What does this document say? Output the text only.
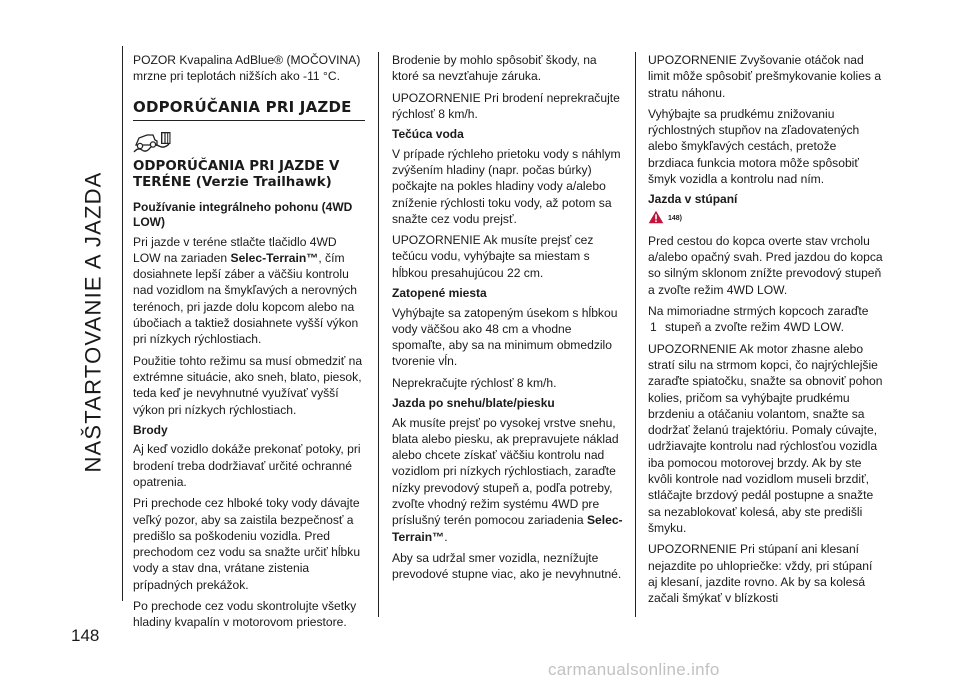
NAŠTARTOVANIE A JAZDA
148

POZOR Kvapalina AdBlue® (MOČOVINA) mrzne pri teplotách nižších ako -11 °C.

ODPORÚČANIA PRI JAZDE
ODPORÚČANIA PRI JAZDE V TERÉNE (Verzie Trailhawk)
Používanie integrálneho pohonu (4WD LOW)

Pri jazde v teréne stlačte tlačidlo 4WD LOW na zariaden Selec-Terrain™, čím dosiahnete lepší záber a väčšiu kontrolu nad vozidlom na šmykľavých a nerovných terénoch, pri jazde dolu kopcom alebo na úbočiach a taktiež dosiahnete vyšší výkon pri nízkych rýchlostiach.

Použitie tohto režimu sa musí obmedziť na extrémne situácie, ako sneh, blato, piesok, teda keď je nevyhnutné využívať vyšší výkon pri nízkych rýchlostiach.

Brody

Aj keď vozidlo dokáže prekonať potoky, pri brodení treba dodržiavať určité ochranné opatrenia.

Pri prechode cez hlboké toky vody dávajte veľký pozor, aby sa zaistila bezpečnosť a predišlo sa poškodeniu vozidla. Pred prechodom cez vodu sa snažte určiť hĺbku vody a stav dna, vrátane zistenia prípadných prekážok.

Po prechode cez vodu skontrolujte všetky hladiny kvapalín v motorovom priestore.

Brodenie by mohlo spôsobiť škody, na ktoré sa nevzťahuje záruka.

UPOZORNENIE Pri brodení neprekračujte rýchlosť 8 km/h.

Tečúca voda

V prípade rýchleho prietoku vody s náhlym zvýšením hladiny (napr. počas búrky) počkajte na pokles hladiny vody a/alebo zníženie rýchlosti toku vody, až potom sa snažte cez vodu prejsť.

UPOZORNENIE Ak musíte prejsť cez tečúcu vodu, vyhýbajte sa miestam s hĺbkou presahujúcou 22 cm.

Zatopené miesta

Vyhýbajte sa zatopeným úsekom s hĺbkou vody väčšou ako 48 cm a vhodne spomaľte, aby sa na minimum obmedzilo tvorenie vĺn.

Neprekračujte rýchlosť 8 km/h.

Jazda po snehu/blate/piesku

Ak musíte prejsť po vysokej vrstve snehu, blata alebo piesku, ak prepravujete náklad alebo chcete získať väčšiu kontrolu nad vozidlom pri nízkych rýchlostiach, zaraďte nízky prevodový stupeň a, podľa potreby, zvoľte vhodný režim systému 4WD pre príslušný terén pomocou zariadenia Selec-Terrain™.

Aby sa udržal smer vozidla, neznížujte prevodové stupne viac, ako je nevyhnutné.

UPOZORNENIE Zvyšovanie otáčok nad limit môže spôsobiť prešmykovanie kolies a stratu náhonu.

Vyhýbajte sa prudkému znižovaniu rýchlostných stupňov na zľadovatených alebo šmykľavých cestách, pretože brzdiaca funkcia motora môže spôsobiť šmyk vozidla a kontrolu nad ním.

Jazda v stúpaní
148)

Pred cestou do kopca overte stav vrcholu a/alebo opačný svah. Pred jazdou do kopca so silným sklonom znížte prevodový stupeň a zvoľte režim 4WD LOW.

Na mimoriadne strmých kopcoch zaraďte

1 stupeň a zvoľte režim 4WD LOW.

UPOZORNENIE Ak motor zhasne alebo stratí silu na strmom kopci, čo najrýchlejšie zaraďte spiatočku, snažte sa obnoviť pohon kolies, pričom sa vyhýbajte prudkému brzdeniu a otáčaniu volantom, snažte sa dodržať želanú trajektóriu. Pomaly cúvajte, udržiavajte kontrolu nad rýchlosťou vozidla iba pomocou motorovej brzdy. Ak by ste kvôli kontrole nad vozidlom museli brzdiť, stláčajte brzdový pedál postupne a snažte sa nezablokovať kolesá, aby ste predišli šmyku.

UPOZORNENIE Pri stúpaní ani klesaní nejazdite po uhlopriečke: vždy, pri stúpaní aj klesaní, jazdite rovno. Ak by sa kolesá začali šmýkať v blízkosti

carmanualsonline.info
